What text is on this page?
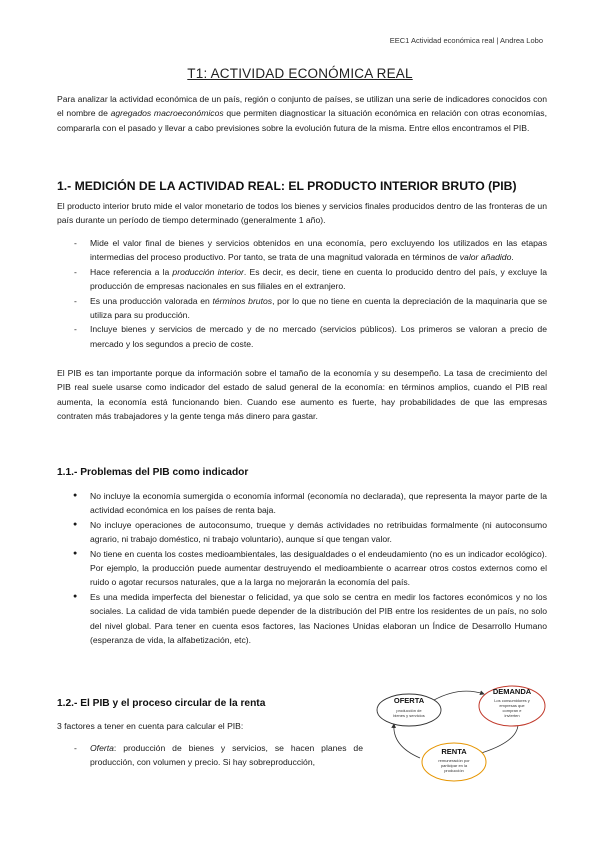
EEC1 Actividad económica real | Andrea Lobo
T1: ACTIVIDAD ECONÓMICA REAL

Para analizar la actividad económica de un país, región o conjunto de países, se utilizan una serie de indicadores conocidos con el nombre de agregados macroeconómicos que permiten diagnosticar la situación económica en relación con otras economías, compararla con el pasado y llevar a cabo previsiones sobre la evolución futura de la misma. Entre ellos encontramos el PIB.

1.- MEDICIÓN DE LA ACTIVIDAD REAL: EL PRODUCTO INTERIOR BRUTO (PIB)

El producto interior bruto mide el valor monetario de todos los bienes y servicios finales producidos dentro de las fronteras de un país durante un período de tiempo determinado (generalmente 1 año).

- Mide el valor final de bienes y servicios obtenidos en una economía, pero excluyendo los utilizados en las etapas intermedias del proceso productivo. Por tanto, se trata de una magnitud valorada en términos de valor añadido.
- Hace referencia a la producción interior. Es decir, es decir, tiene en cuenta lo producido dentro del país, y excluye la producción de empresas nacionales en sus filiales en el extranjero.
- Es una producción valorada en términos brutos, por lo que no tiene en cuenta la depreciación de la maquinaria que se utiliza para su producción.
- Incluye bienes y servicios de mercado y de no mercado (servicios públicos). Los primeros se valoran a precio de mercado y los segundos a precio de coste.

El PIB es tan importante porque da información sobre el tamaño de la economía y su desempeño. La tasa de crecimiento del PIB real suele usarse como indicador del estado de salud general de la economía: en términos amplios, cuando el PIB real aumenta, la economía está funcionando bien. Cuando ese aumento es fuerte, hay probabilidades de que las empresas contraten más trabajadores y la gente tenga más dinero para gastar.

1.1.- Problemas del PIB como indicador
● No incluye la economía sumergida o economía informal (economía no declarada), que representa la mayor parte de la actividad económica en los países de renta baja.
● No incluye operaciones de autoconsumo, trueque y demás actividades no retribuidas formalmente (ni autoconsumo agrario, ni trabajo doméstico, ni trabajo voluntario), aunque sí que tengan valor.
● No tiene en cuenta los costes medioambientales, las desigualdades o el endeudamiento (no es un indicador ecológico). Por ejemplo, la producción puede aumentar destruyendo el medioambiente o acarrear otros costos externos como el ruido o agotar recursos naturales, que a la larga no mejorarán la economía del país.
● Es una medida imperfecta del bienestar o felicidad, ya que solo se centra en medir los factores económicos y no los sociales. La calidad de vida también puede depender de la distribución del PIB entre los residentes de un país, no solo del nivel global. Para tener en cuenta esos factores, las Naciones Unidas elaboran un Índice de Desarrollo Humano (esperanza de vida, la alfabetización, etc).
1.2.- El PIB y el proceso circular de la renta

3 factores a tener en cuenta para calcular el PIB:

- Oferta: producción de bienes y servicios, se hacen planes de producción, con volumen y precio. Si hay sobreproducción,
OFERTA
producción de
bienes y servicios
DEMANDA
Los consumidores y
empresas que
compran e
invierten
RENTA
remuneración por
participar en la
producción
